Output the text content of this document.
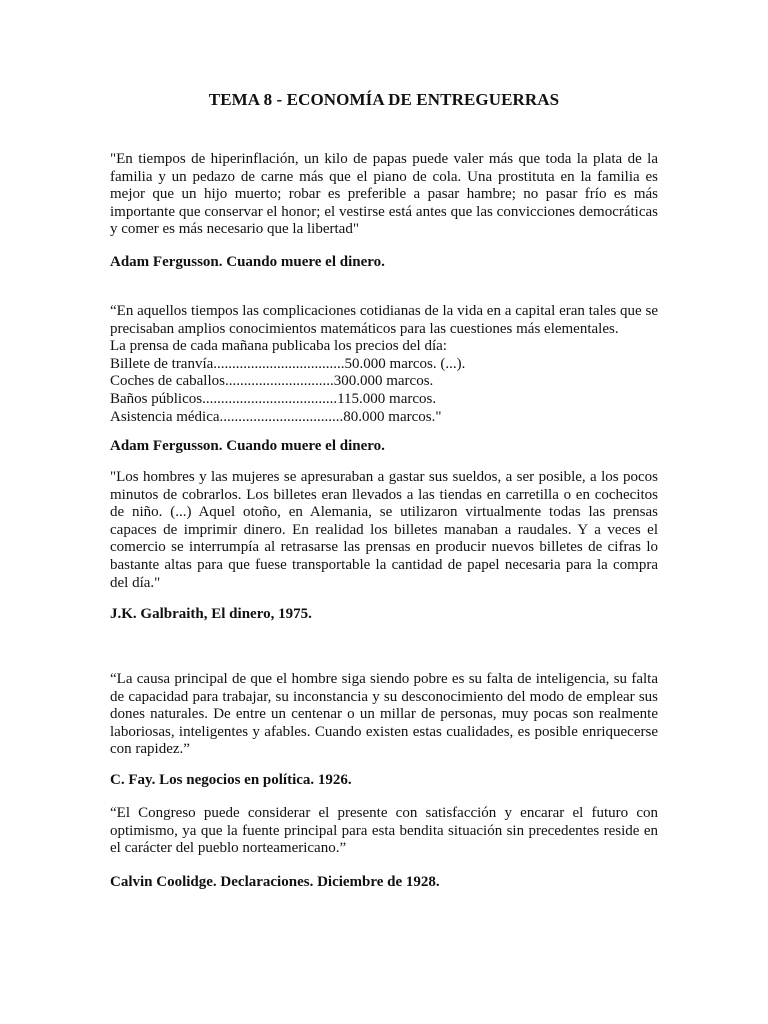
TEMA 8 - ECONOMÍA DE ENTREGUERRAS

"En tiempos de hiperinflación, un kilo de papas puede valer más que toda la plata de la familia y un pedazo de carne más que el piano de cola. Una prostituta en la familia es mejor que un hijo muerto; robar es preferible a pasar hambre; no pasar frío es más importante que conservar el honor; el vestirse está antes que las convicciones democráticas y comer es más necesario que la libertad"

Adam Fergusson. Cuando muere el dinero.

“En aquellos tiempos las complicaciones cotidianas de la vida en a capital eran tales que se precisaban amplios conocimientos matemáticos para las cuestiones más elementales.
La prensa de cada mañana publicaba los precios del día:
Billete de tranvía...................................50.000 marcos. (...).
Coches de caballos.............................300.000 marcos.
Baños públicos....................................115.000 marcos.
Asistencia médica.................................80.000 marcos."

Adam Fergusson. Cuando muere el dinero.

"Los hombres y las mujeres se apresuraban a gastar sus sueldos, a ser posible, a los pocos minutos de cobrarlos. Los billetes eran llevados a las tiendas en carretilla o en cochecitos de niño. (...) Aquel otoño, en Alemania, se utilizaron virtualmente todas las prensas capaces de imprimir dinero. En realidad los billetes manaban a raudales. Y a veces el comercio se interrumpía al retrasarse las prensas en producir nuevos billetes de cifras lo bastante altas para que fuese transportable la cantidad de papel necesaria para la compra del día."

J.K. Galbraith, El dinero, 1975.

“La causa principal de que el hombre siga siendo pobre es su falta de inteligencia, su falta de capacidad para trabajar, su inconstancia y su desconocimiento del modo de emplear sus dones naturales. De entre un centenar o un millar de personas, muy pocas son realmente laboriosas, inteligentes y afables. Cuando existen estas cualidades, es posible enriquecerse con rapidez.”

C. Fay. Los negocios en política. 1926.

“El Congreso puede considerar el presente con satisfacción y encarar el futuro con optimismo, ya que la fuente principal para esta bendita situación sin precedentes reside en el carácter del pueblo norteamericano.”

Calvin Coolidge. Declaraciones. Diciembre de 1928.
